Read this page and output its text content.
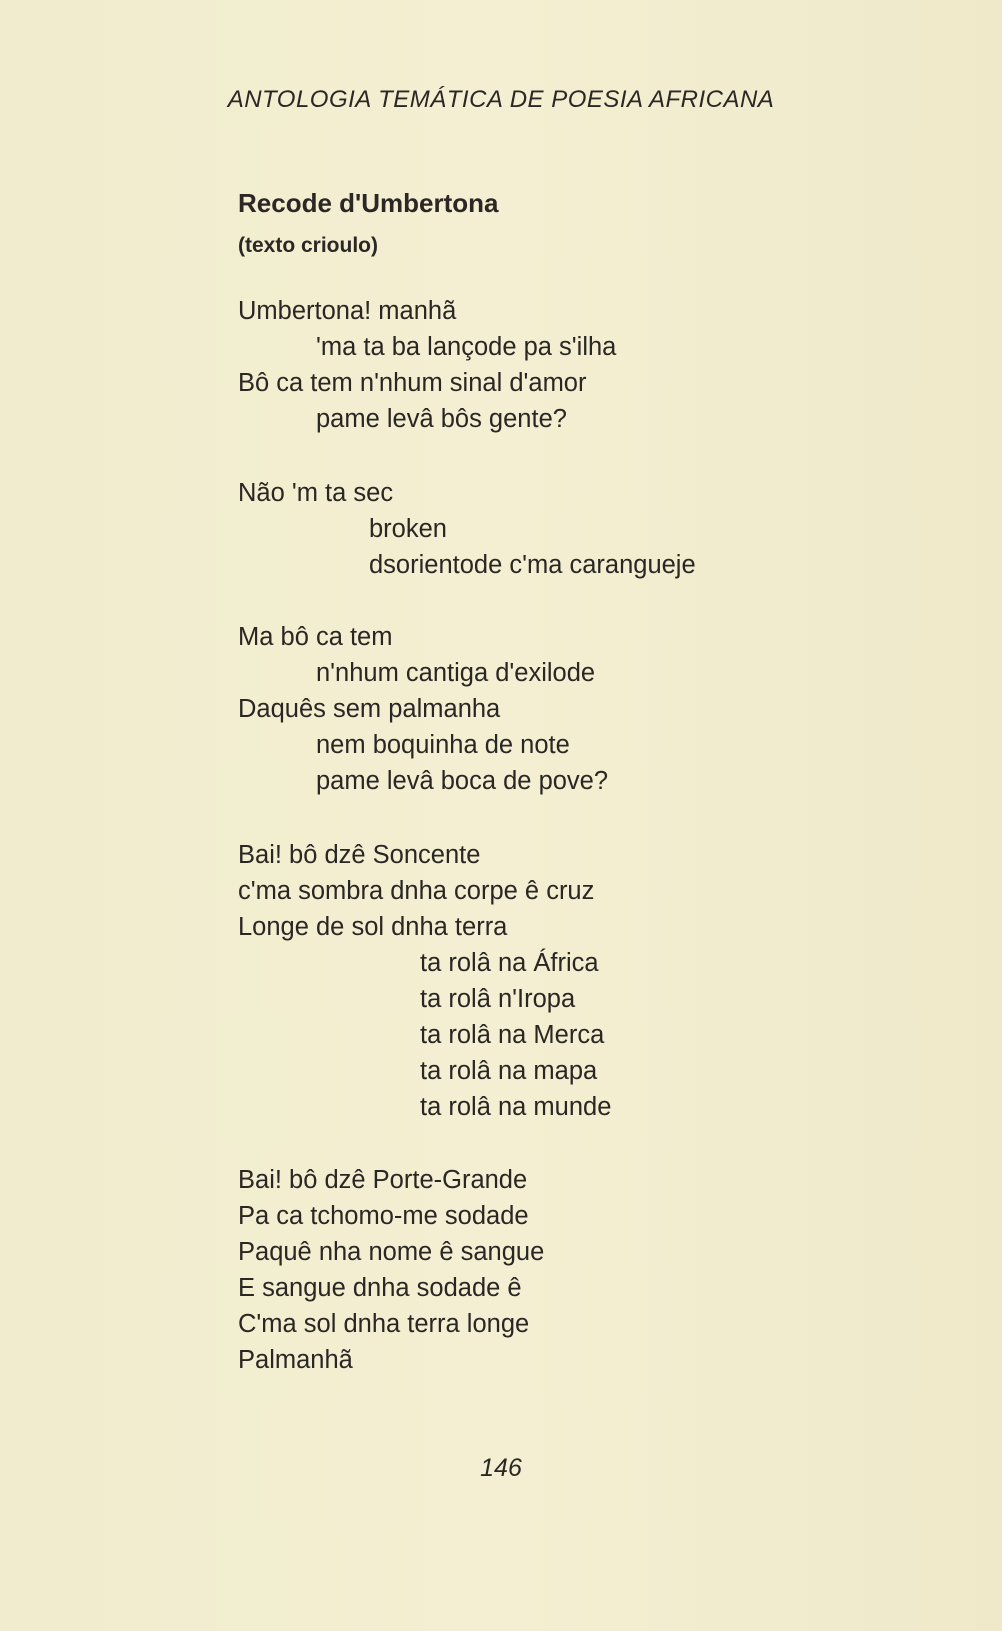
ANTOLOGIA TEMÁTICA DE POESIA AFRICANA
Recode d'Umbertona
(texto crioulo)
Umbertona! manhã
'ma ta ba lançode pa s'ilha
Bô ca tem n'nhum sinal d'amor
pame levâ bôs gente?
Não 'm ta sec
broken
dsorientode c'ma carangueje
Ma bô ca tem
n'nhum cantiga d'exilode
Daquês sem palmanha
nem boquinha de note
pame levâ boca de pove?
Bai! bô dzê Soncente
c'ma sombra dnha corpe ê cruz
Longe de sol dnha terra
ta rolâ na África
ta rolâ n'Iropa
ta rolâ na Merca
ta rolâ na mapa
ta rolâ na munde
Bai! bô dzê Porte-Grande
Pa ca tchomo-me sodade
Paquê nha nome ê sangue
E sangue dnha sodade ê
C'ma sol dnha terra longe
Palmanhã
146
